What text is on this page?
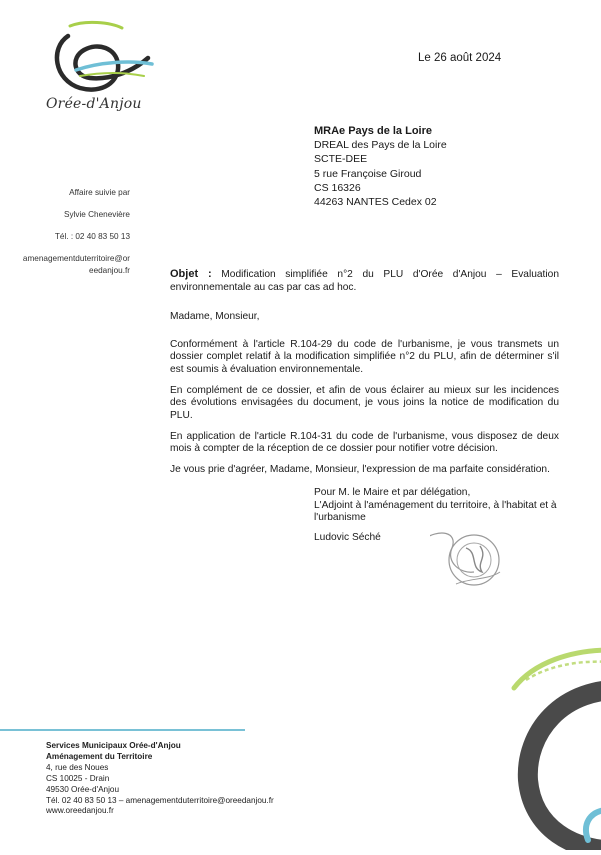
Orée-d'Anjou
Le 26 août 2024
MRAe Pays de la Loire
DREAL des Pays de la Loire
SCTE-DEE
5 rue Françoise Giroud
CS 16326
44263 NANTES Cedex 02
Affaire suivie par
Sylvie Chenevière
Tél. : 02 40 83 50 13
amenagementduterritoire@or
eedanjou.fr	Objet : Modification simplifiée n°2 du PLU d'Orée d'Anjou – Evaluation environnementale au cas par cas ad hoc.

Madame, Monsieur,

Conformément à l'article R.104-29 du code de l'urbanisme, je vous transmets un dossier complet relatif à la modification simplifiée n°2 du PLU, afin de déterminer s'il est soumis à évaluation environnementale.

En complément de ce dossier, et afin de vous éclairer au mieux sur les incidences des évolutions envisagées du document, je vous joins la notice de modification du PLU.

En application de l'article R.104-31 du code de l'urbanisme, vous disposez de deux mois à compter de la réception de ce dossier pour notifier votre décision.

Je vous prie d'agréer, Madame, Monsieur, l'expression de ma parfaite considération.

Pour M. le Maire et par délégation,
L'Adjoint à l'aménagement du territoire, à l'habitat et à l'urbanisme
Ludovic Séché
Services Municipaux Orée-d'Anjou
Aménagement du Territoire
4, rue des Noues
CS 10025 - Drain
49530 Orée-d'Anjou
Tél. 02 40 83 50 13 – amenagementduterritoire@oreedanjou.fr
www.oreedanjou.fr
